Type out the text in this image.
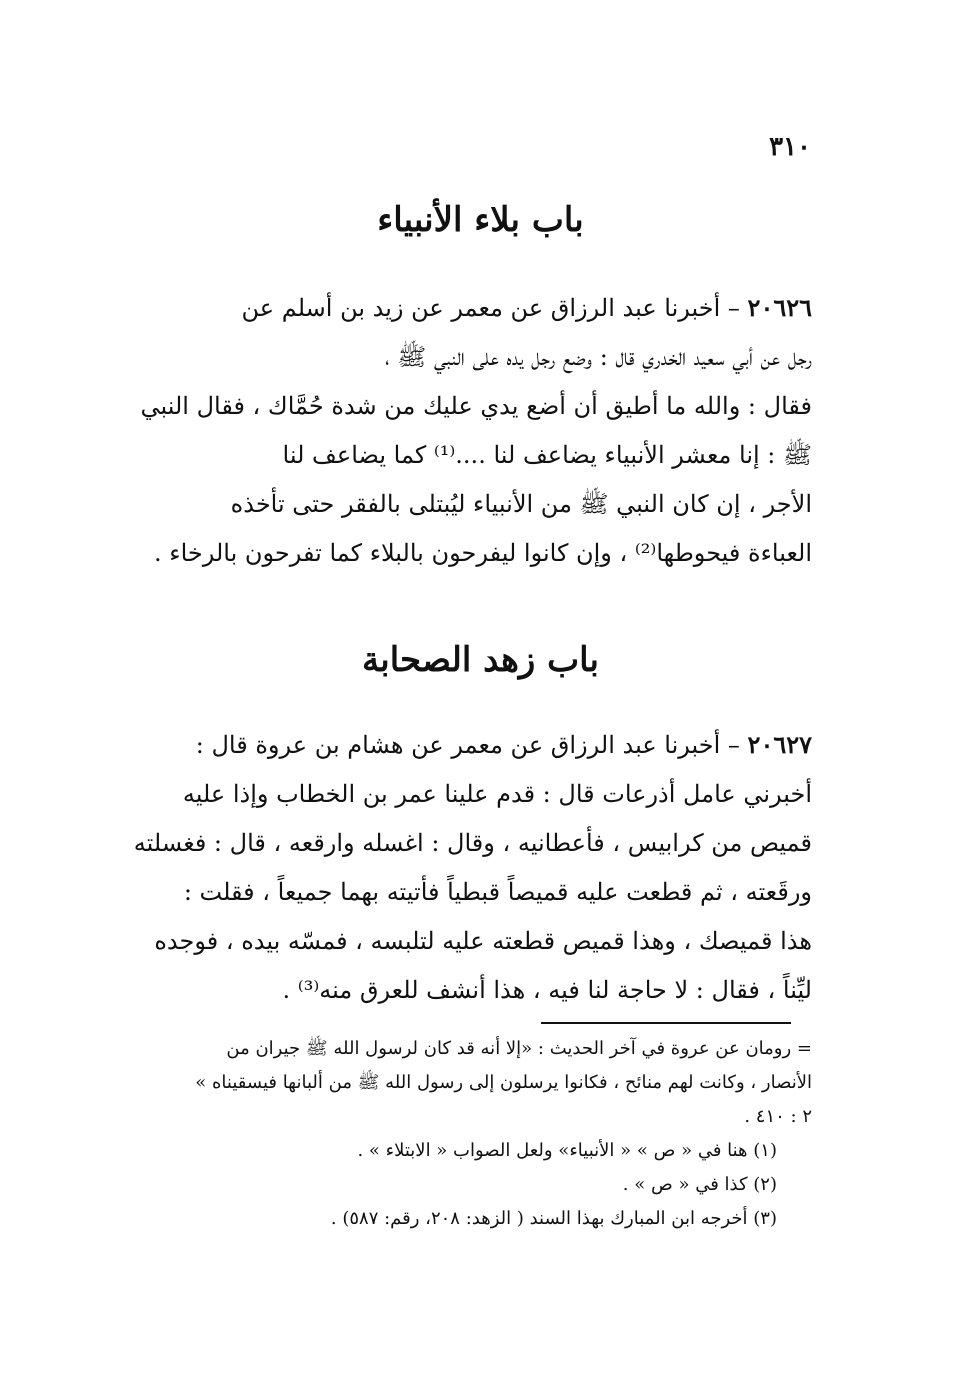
٣١٠
باب بلاء الأنبياء
٢٠٦٢٦ – أخبرنا عبد الرزاق عن معمر عن زيد بن أسلم عن
رجل عن أبي سعيد الخدري قال : وضع رجل يده على النبي ﷺ ،
فقال : والله ما أطيق أن أضع يدي عليك من شدة حُمَّاك ، فقال النبي
ﷺ : إنا معشر الأنبياء يضاعف لنا ....⁽¹⁾ كما يضاعف لنا
الأجر ، إن كان النبي ﷺ من الأنبياء ليُبتلى بالفقر حتى تأخذه
العباءة فيحوطها⁽²⁾ ، وإن كانوا ليفرحون بالبلاء كما تفرحون بالرخاء .
باب زهد الصحابة
٢٠٦٢٧ – أخبرنا عبد الرزاق عن معمر عن هشام بن عروة قال :
أخبرني عامل أذرعات قال : قدم علينا عمر بن الخطاب وإذا عليه
قميص من كرابيس ، فأعطانيه ، وقال : اغسله وارقعه ، قال : فغسلته
ورقَعته ، ثم قطعت عليه قميصاً قبطياً فأتيته بهما جميعاً ، فقلت :
هذا قميصك ، وهذا قميص قطعته عليه لتلبسه ، فمسّه بيده ، فوجده
ليِّناً ، فقال : لا حاجة لنا فيه ، هذا أنشف للعرق منه⁽³⁾ .
= رومان عن عروة في آخر الحديث : «إلا أنه قد كان لرسول الله ﷺ جيران من
الأنصار ، وكانت لهم منائح ، فكانوا يرسلون إلى رسول الله ﷺ من ألبانها فيسقيناه »
٢ : ٤١٠ .
(١) هنا في « ص » « الأنبياء» ولعل الصواب « الابتلاء » .
(٢) كذا في « ص » .
(٣) أخرجه ابن المبارك بهذا السند ( الزهد: ٢٠٨، رقم: ٥٨٧) .
